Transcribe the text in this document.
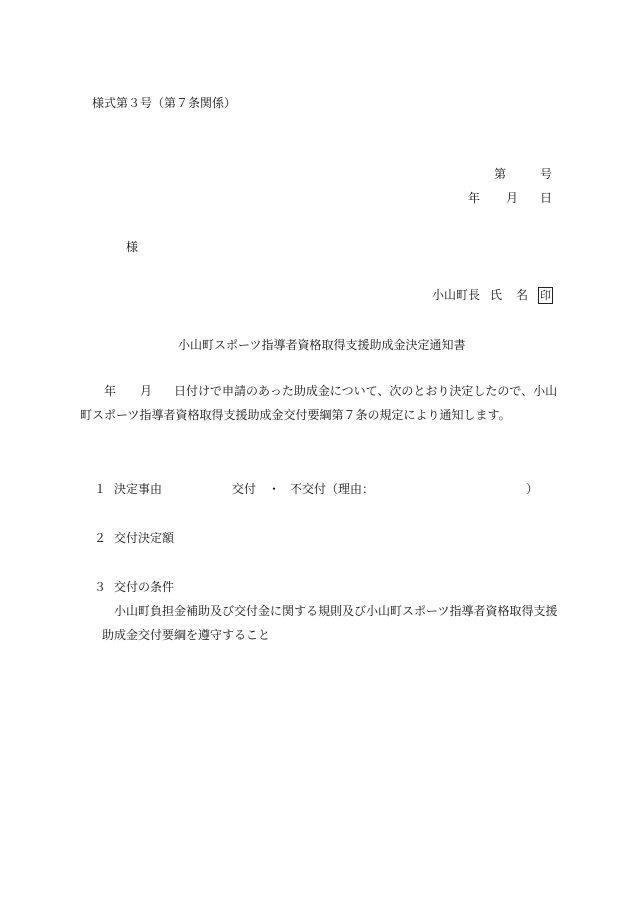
様式第３号（第７条関係）
第	号
年 月 日
様
小山町長 氏 名	印
小山町スポーツ指導者資格取得支援助成金決定通知書
年 月 日付けで申請のあった助成金について、次のとおり決定したので、小山
町スポーツ指導者資格取得支援助成金交付要綱第７条の規定により通知します。
１ 決定事由	交付 ・ 不交付（理由：	）
２ 交付決定額
３ 交付の条件
小山町負担金補助及び交付金に関する規則及び小山町スポーツ指導者資格取得支援
助成金交付要綱を遵守すること
